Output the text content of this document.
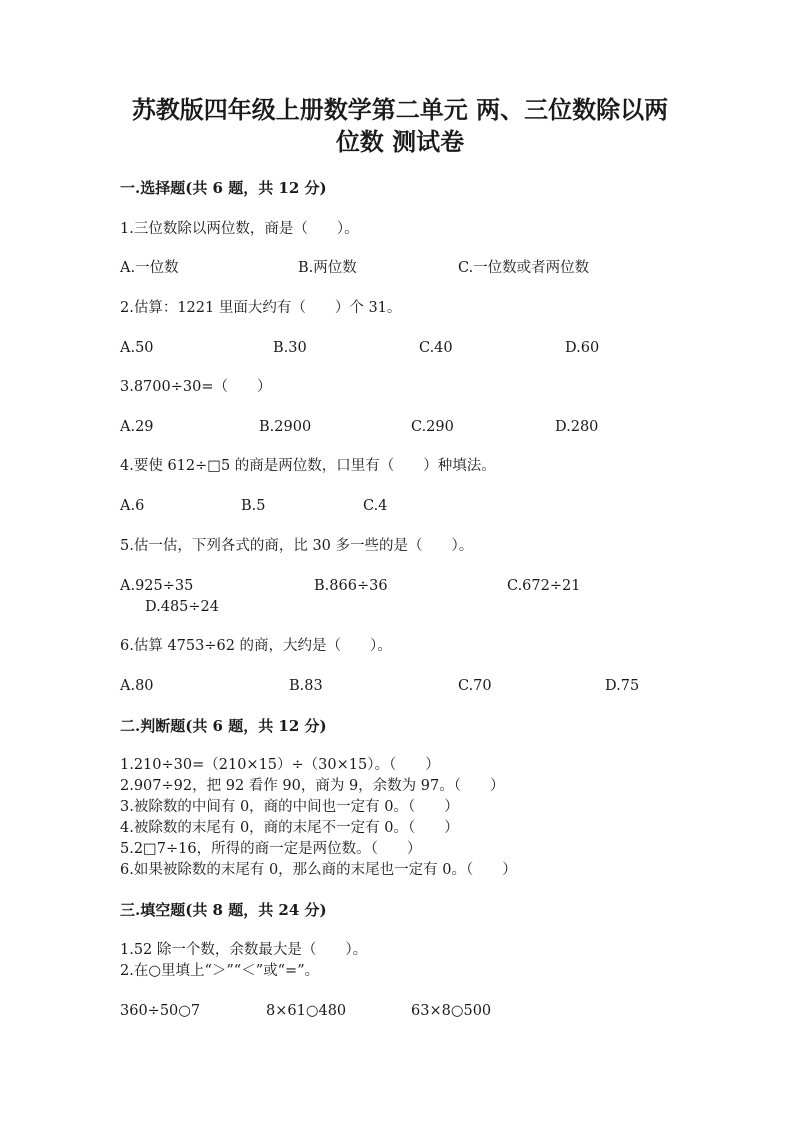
苏教版四年级上册数学第二单元 两、三位数除以两
位数 测试卷
一.选择题(共 6 题，共 12 分)
1.三位数除以两位数，商是（　　）。
A.一位数	B.两位数	C.一位数或者两位数
2.估算：1221 里面大约有（　　）个 31。
A.50	B.30	C.40	D.60
3.8700÷30=（　　）
A.29	B.2900	C.290	D.280
4.要使 612÷□5 的商是两位数，口里有（　　）种填法。
A.6	B.5	C.4
5.估一估，下列各式的商，比 30 多一些的是（　　）。
A.925÷35	B.866÷36	C.672÷21
D.485÷24
6.估算 4753÷62 的商，大约是（　　）。
A.80	B.83	C.70	D.75
二.判断题(共 6 题，共 12 分)
1.210÷30=（210×15）÷（30×15）。（　　）
2.907÷92，把 92 看作 90，商为 9，余数为 97。（　　）
3.被除数的中间有 0，商的中间也一定有 0。（　　）
4.被除数的末尾有 0，商的末尾不一定有 0。（　　）
5.2□7÷16，所得的商一定是两位数。（　　）
6.如果被除数的末尾有 0，那么商的末尾也一定有 0。（　　）
三.填空题(共 8 题，共 24 分)
1.52 除一个数，余数最大是（　　）。
2.在○里填上“＞”“＜”或“=”。
360÷50○7	8×61○480	63×8○500
